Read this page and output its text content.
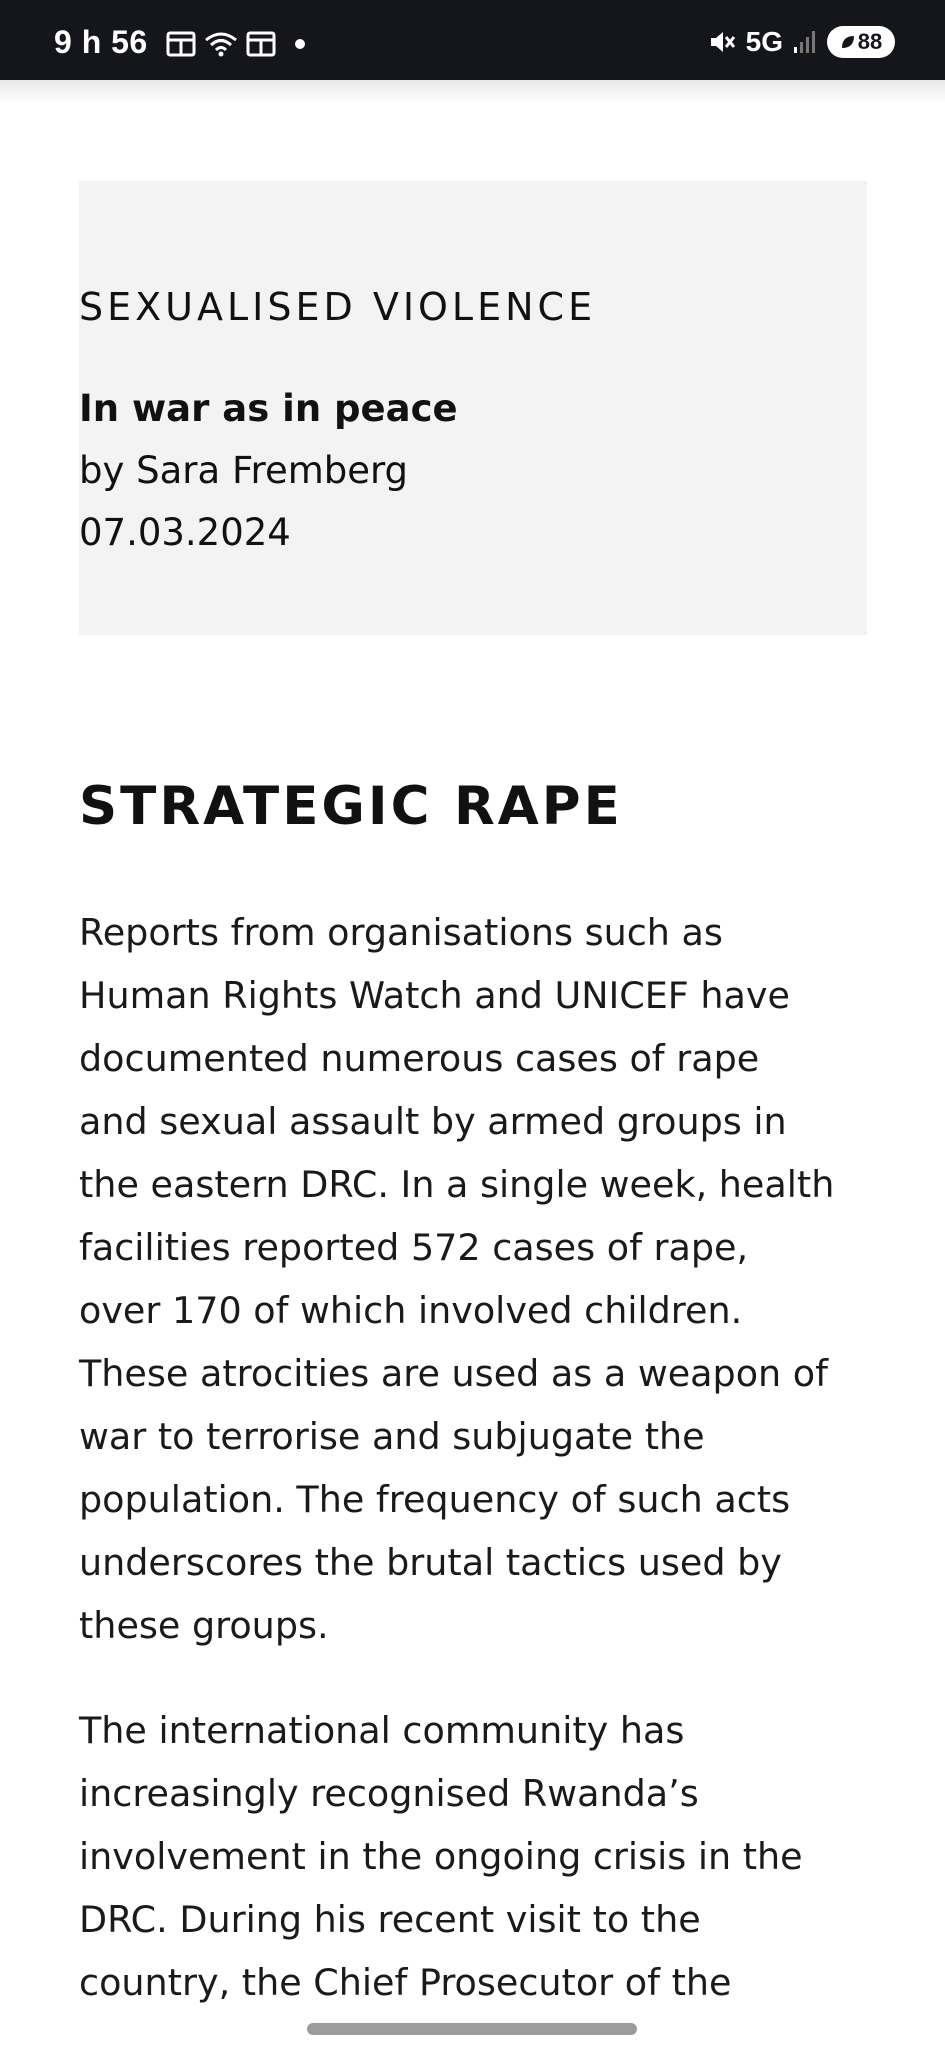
9 h 56	5G	88
SEXUALISED VIOLENCE
In war as in peace
by Sara Fremberg
07.03.2024
STRATEGIC RAPE

Reports from organisations such as
Human Rights Watch and UNICEF have
documented numerous cases of rape
and sexual assault by armed groups in
the eastern DRC. In a single week, health
facilities reported 572 cases of rape,
over 170 of which involved children.
These atrocities are used as a weapon of
war to terrorise and subjugate the
population. The frequency of such acts
underscores the brutal tactics used by
these groups.

The international community has
increasingly recognised Rwanda’s
involvement in the ongoing crisis in the
DRC. During his recent visit to the
country, the Chief Prosecutor of the
